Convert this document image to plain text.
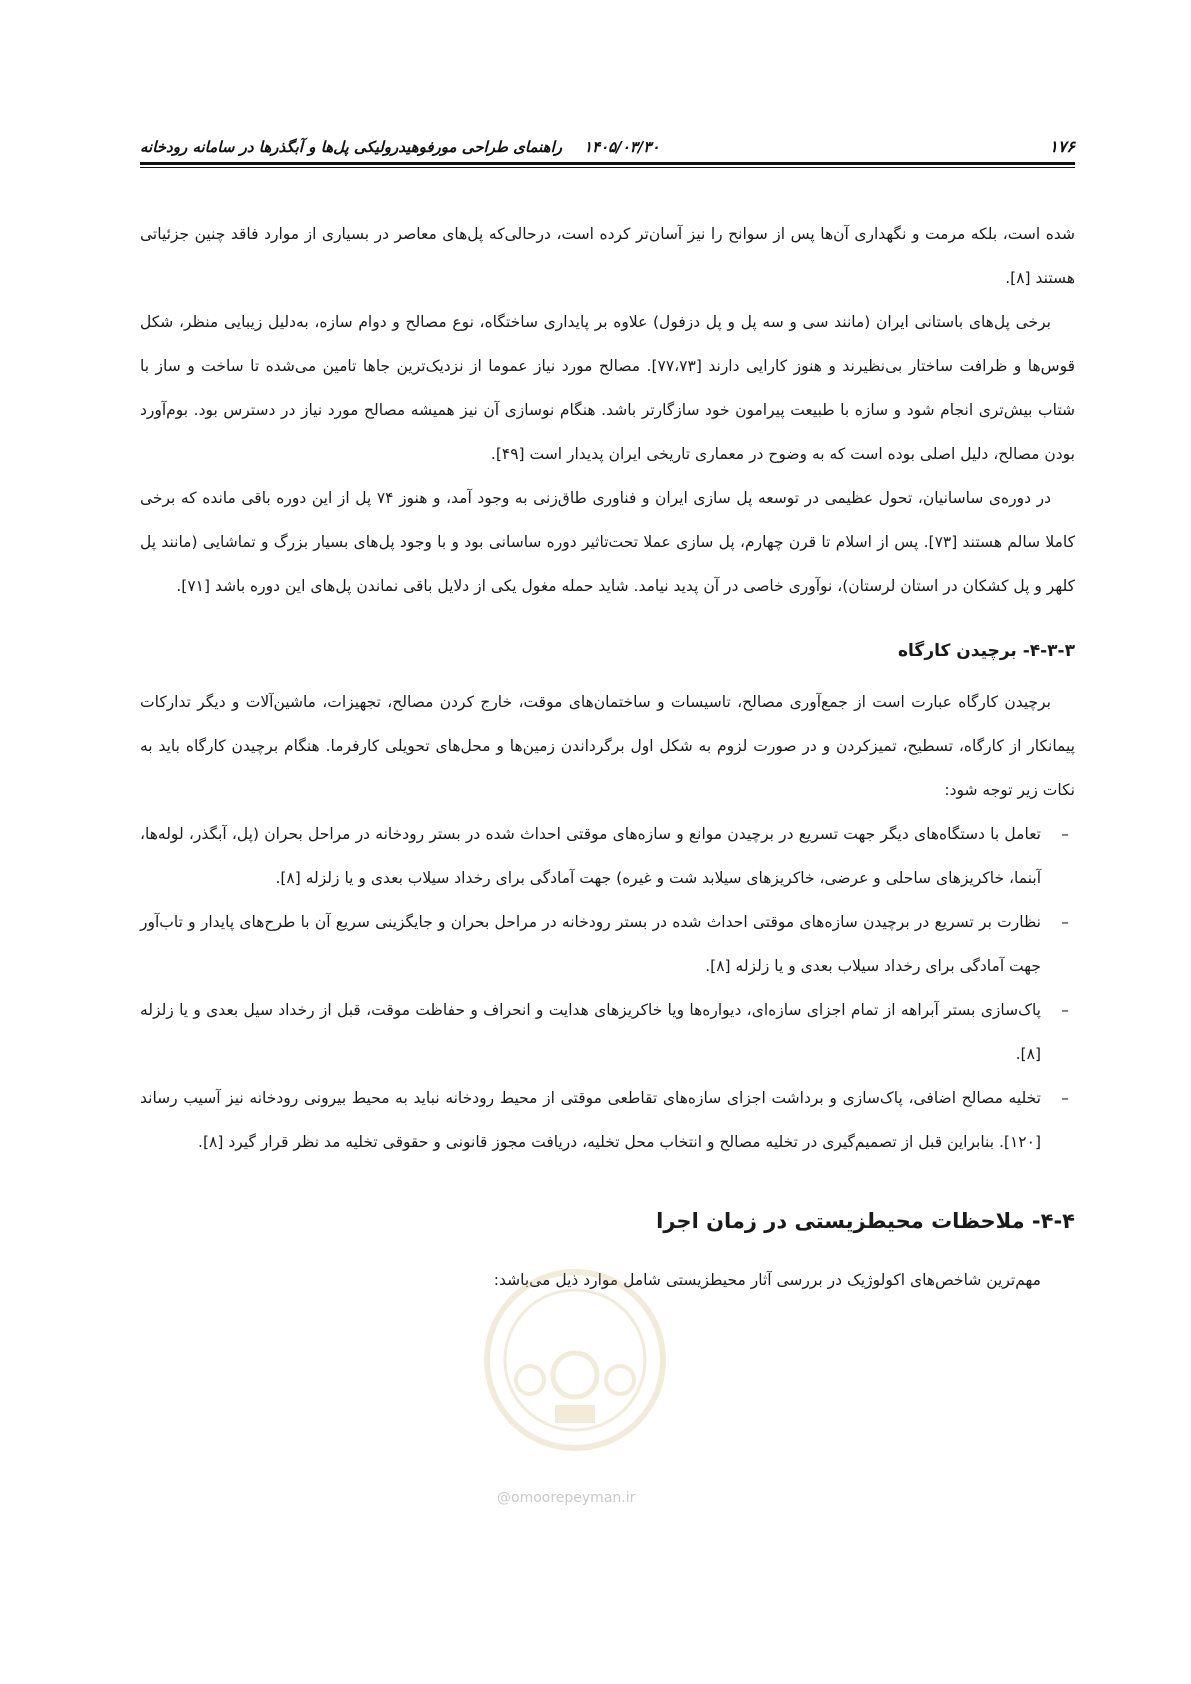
۱۷۶
۱۴۰۵/۰۳/۳۰
راهنمای طراحی مورفوهیدرولیکی پل‌ها و آبگذرها در سامانه رودخانه

شده است، بلکه مرمت و نگهداری آن‌ها پس از سوانح را نیز آسان‌تر کرده است، درحالی‌که پل‌های معاصر در بسیاری از موارد فاقد چنین جزئیاتی هستند [۸].

برخی پل‌های باستانی ایران (مانند سی و سه پل و پل دزفول) علاوه بر پایداری ساختگاه، نوع مصالح و دوام سازه، به‌دلیل زیبایی منظر، شکل قوس‌ها و ظرافت ساختار بی‌نظیرند و هنوز کارایی دارند [۷۷،۷۳]. مصالح مورد نیاز عموما از نزدیک‌ترین جاها تامین می‌شده تا ساخت و ساز با شتاب بیش‌تری انجام شود و سازه با طبیعت پیرامون خود سازگارتر باشد. هنگام نوسازی آن نیز همیشه مصالح مورد نیاز در دسترس بود. بوم‌آورد بودن مصالح، دلیل اصلی بوده است که به وضوح در معماری تاریخی ایران پدیدار است [۴۹].

در دوره‌ی ساسانیان، تحول عظیمی در توسعه پل سازی ایران و فناوری طاق‌زنی به وجود آمد، و هنوز ۷۴ پل از این دوره باقی مانده که برخی کاملا سالم هستند [۷۳]. پس از اسلام تا قرن چهارم، پل سازی عملا تحت‌تاثیر دوره ساسانی بود و با وجود پل‌های بسیار بزرگ و تماشایی (مانند پل کلهر و پل کشکان در استان لرستان)، نوآوری خاصی در آن پدید نیامد. شاید حمله مغول یکی از دلایل باقی نماندن پل‌های این دوره باشد [۷۱].

۴-۳-۳- برچیدن کارگاه

برچیدن کارگاه عبارت است از جمع‌آوری مصالح، تاسیسات و ساختمان‌های موقت، خارج کردن مصالح، تجهیزات، ماشین‌آلات و دیگر تدارکات پیمانکار از کارگاه، تسطیح، تمیزکردن و در صورت لزوم به شکل اول برگرداندن زمین‌ها و محل‌های تحویلی کارفرما. هنگام برچیدن کارگاه باید به نکات زیر توجه شود:

–
تعامل با دستگاه‌های دیگر جهت تسریع در برچیدن موانع و سازه‌های موقتی احداث شده در بستر رودخانه در مراحل بحران (پل، آبگذر، لوله‌ها، آبنما، خاکریزهای ساحلی و عرضی، خاکریزهای سیلابد شت و غیره) جهت آمادگی برای رخداد سیلاب بعدی و یا زلزله [۸].
–
نظارت بر تسریع در برچیدن سازه‌های موقتی احداث شده در بستر رودخانه در مراحل بحران و جایگزینی سریع آن با طرح‌های پایدار و تاب‌آور جهت آمادگی برای رخداد سیلاب بعدی و یا زلزله [۸].
–
پاک‌سازی بستر آبراهه از تمام اجزای سازه‌ای، دیواره‌ها ویا خاکریزهای هدایت و انحراف و حفاظت موقت، قبل از رخداد سیل بعدی و یا زلزله [۸].
–
تخلیه مصالح اضافی، پاک‌سازی و برداشت اجزای سازه‌های تقاطعی موقتی از محیط رودخانه نباید به محیط بیرونی رودخانه نیز آسیب رساند [۱۲۰]. بنابراین قبل از تصمیم‌گیری در تخلیه مصالح و انتخاب محل تخلیه، دریافت مجوز قانونی و حقوقی تخلیه مد نظر قرار گیرد [۸].
۴-۴- ملاحظات محیطزیستی در زمان اجرا

مهم‌ترین شاخص‌های اکولوژیک در بررسی آثار محیطزیستی شامل موارد ذیل می‌باشد:

@omoorepeyman.ir
